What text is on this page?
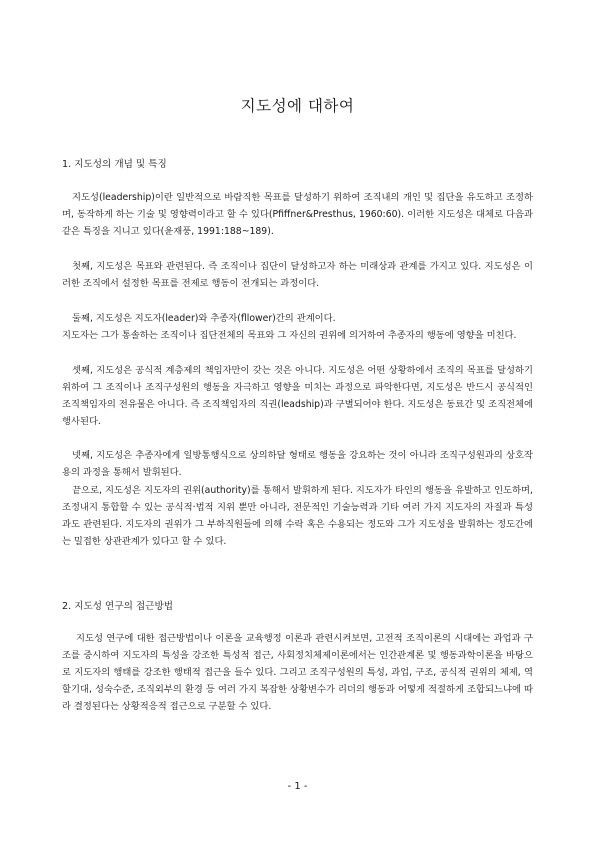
지도성에 대하여
1. 지도성의 개념 및 특징
지도성(leadership)이란 일반적으로 바람직한 목표를 달성하기 위하여 조직내의 개인 및 집단을 유도하고 조정하며, 동작하게 하는 기술 및 영향력이라고 할 수 있다(Pfiffner&Presthus, 1960:60). 이러한 지도성은 대체로 다음과 같은 특징을 지니고 있다(윤재풍, 1991:188~189).
첫째, 지도성은 목표와 관련된다. 즉 조직이나 집단이 달성하고자 하는 미래상과 관계를 가지고 있다. 지도성은 이러한 조직에서 설정한 목표를 전제로 행동이 전개되는 과정이다.
둘째, 지도성은 지도자(leader)와 추종자(fllower)간의 관계이다.
지도자는 그가 통솔하는 조직이나 집단전체의 목표와 그 자신의 권위에 의거하여 추종자의 행동에 영향을 미친다.
셋째, 지도성은 공식적 계층제의 책임자만이 갖는 것은 아니다. 지도성은 어떤 상황하에서 조직의 목표를 달성하기 위하여 그 조직이나 조직구성원의 행동을 자극하고 영향을 미치는 과정으로 파악한다면, 지도성은 반드시 공식적인 조직책임자의 전유물은 아니다. 즉 조직책임자의 직권(leadship)과 구별되어야 한다. 지도성은 동료간 및 조직전체에 행사된다.
넷째, 지도성은 추종자에게 일방통행식으로 상의하달 형태로 행동을 강요하는 것이 아니라 조직구성원과의 상호작용의 과정을 통해서 발휘된다.
끝으로, 지도성은 지도자의 권위(authority)를 통해서 발휘하게 된다. 지도자가 타인의 행동을 유발하고 인도하며, 조정내지 통합할 수 있는 공식적·법적 지위 뿐만 아니라, 전문적인 기술능력과 기타 여러 가지 지도자의 자질과 특성과도 관련된다. 지도자의 권위가 그 부하직원들에 의해 수락 혹은 수용되는 정도와 그가 지도성을 발휘하는 정도간에는 밀접한 상관관계가 있다고 할 수 있다.
2. 지도성 연구의 접근방법
지도성 연구에 대한 접근방법이나 이론을 교육행정 이론과 관련시켜보면, 고전적 조직이론의 시대에는 과업과 구조를 중시하여 지도자의 특성을 강조한 특성적 접근, 사회정치체제이론에서는 인간관계론 및 행동과학이론을 바탕으로 지도자의 행태를 강조한 행태적 접근을 들수 있다. 그리고 조직구성원의 특성, 과업, 구조, 공식적 권위의 체제, 역할기대, 성숙수준, 조직외부의 환경 등 여러 가지 복잡한 상황변수가 리더의 행동과 어떻게 적절하게 조합되느냐에 따라 결정된다는 상황적응적 접근으로 구분할 수 있다.
- 1 -
